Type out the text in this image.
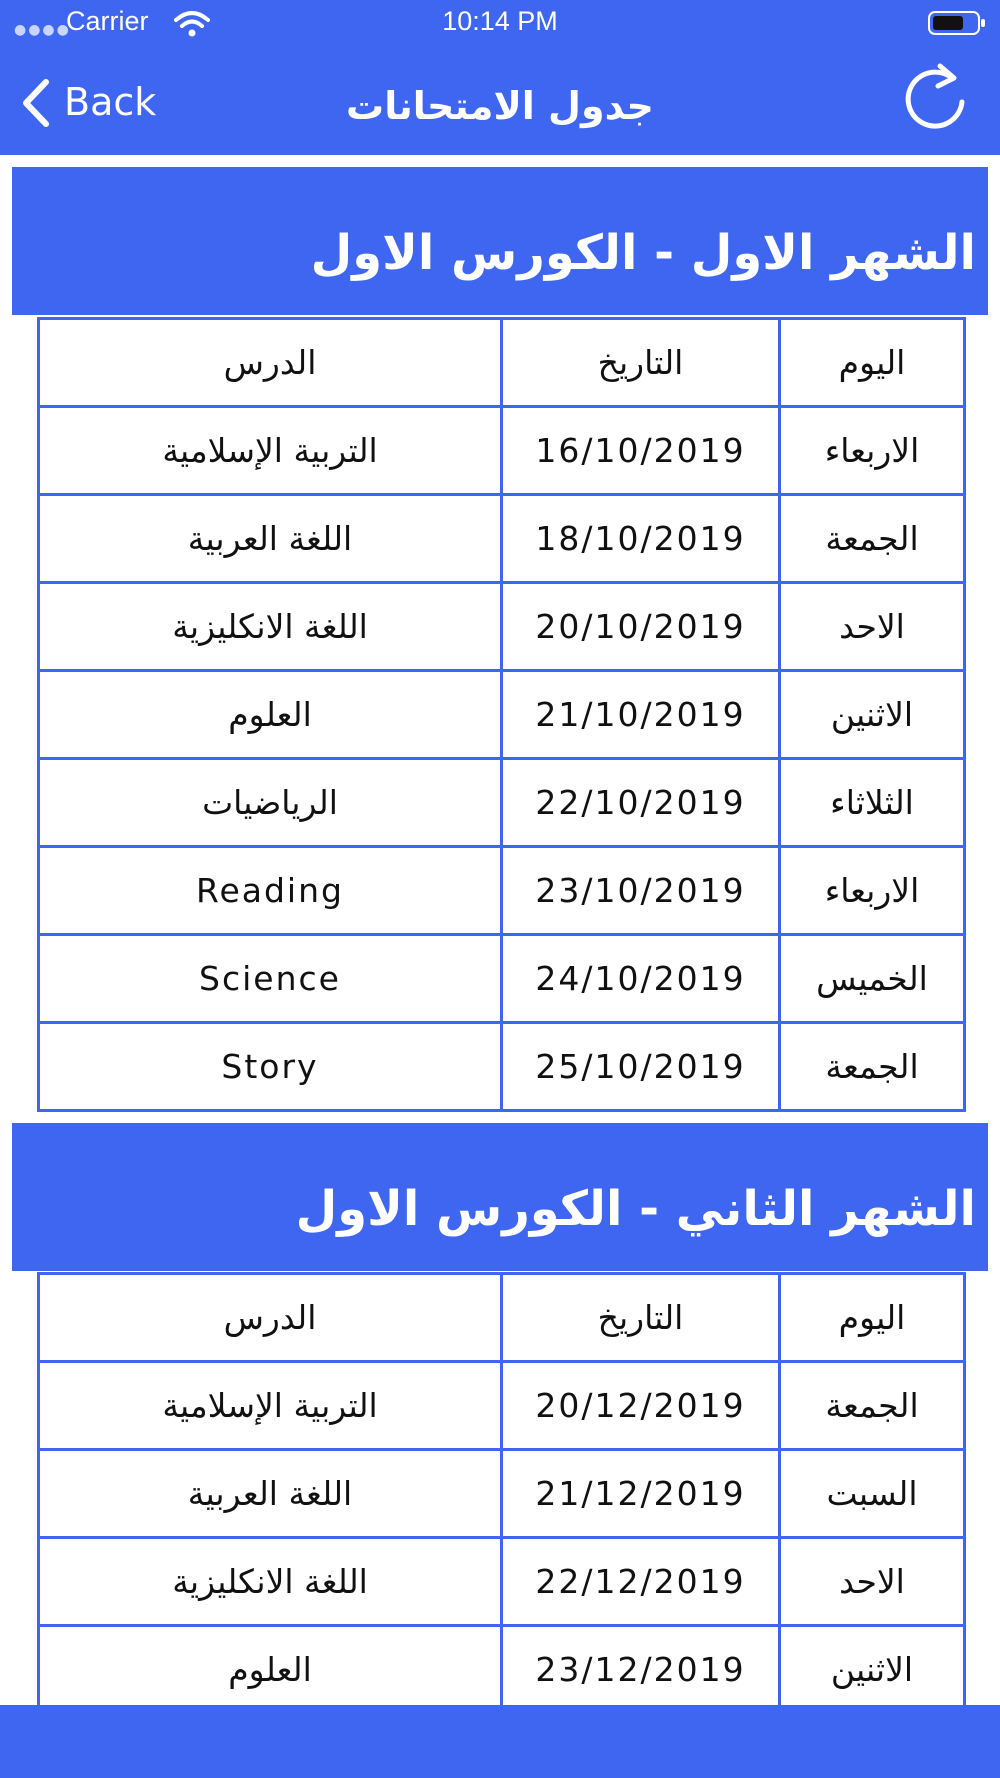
●●●●
Carrier	10:14 PM
Back	جدول الامتحانات
الشهر الاول - الكورس الاول
الدرس	التاريخ	اليوم
التربية الإسلامية	16/10/2019	الاربعاء
اللغة العربية	18/10/2019	الجمعة
اللغة الانكليزية	20/10/2019	الاحد
العلوم	21/10/2019	الاثنين
الرياضيات	22/10/2019	الثلاثاء
Reading	23/10/2019	الاربعاء
Science	24/10/2019	الخميس
Story	25/10/2019	الجمعة
الشهر الثاني - الكورس الاول
الدرس	التاريخ	اليوم
التربية الإسلامية	20/12/2019	الجمعة
اللغة العربية	21/12/2019	السبت
اللغة الانكليزية	22/12/2019	الاحد
العلوم	23/12/2019	الاثنين
